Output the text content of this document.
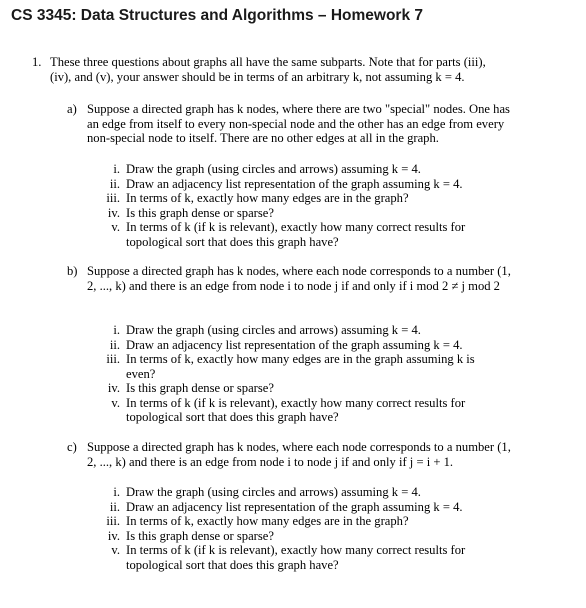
CS 3345: Data Structures and Algorithms – Homework 7
1. These three questions about graphs all have the same subparts. Note that for parts (iii), (iv), and (v), your answer should be in terms of an arbitrary k, not assuming k = 4.
a) Suppose a directed graph has k nodes, where there are two "special" nodes. One has an edge from itself to every non-special node and the other has an edge from every non-special node to itself. There are no other edges at all in the graph.
i. Draw the graph (using circles and arrows) assuming k = 4.
ii. Draw an adjacency list representation of the graph assuming k = 4.
iii. In terms of k, exactly how many edges are in the graph?
iv. Is this graph dense or sparse?
v. In terms of k (if k is relevant), exactly how many correct results for topological sort that does this graph have?
b) Suppose a directed graph has k nodes, where each node corresponds to a number (1, 2, ..., k) and there is an edge from node i to node j if and only if i mod 2 ≠ j mod 2
i. Draw the graph (using circles and arrows) assuming k = 4.
ii. Draw an adjacency list representation of the graph assuming k = 4.
iii. In terms of k, exactly how many edges are in the graph assuming k is even?
iv. Is this graph dense or sparse?
v. In terms of k (if k is relevant), exactly how many correct results for topological sort that does this graph have?
c) Suppose a directed graph has k nodes, where each node corresponds to a number (1, 2, ..., k) and there is an edge from node i to node j if and only if j = i + 1.
i. Draw the graph (using circles and arrows) assuming k = 4.
ii. Draw an adjacency list representation of the graph assuming k = 4.
iii. In terms of k, exactly how many edges are in the graph?
iv. Is this graph dense or sparse?
v. In terms of k (if k is relevant), exactly how many correct results for topological sort that does this graph have?
